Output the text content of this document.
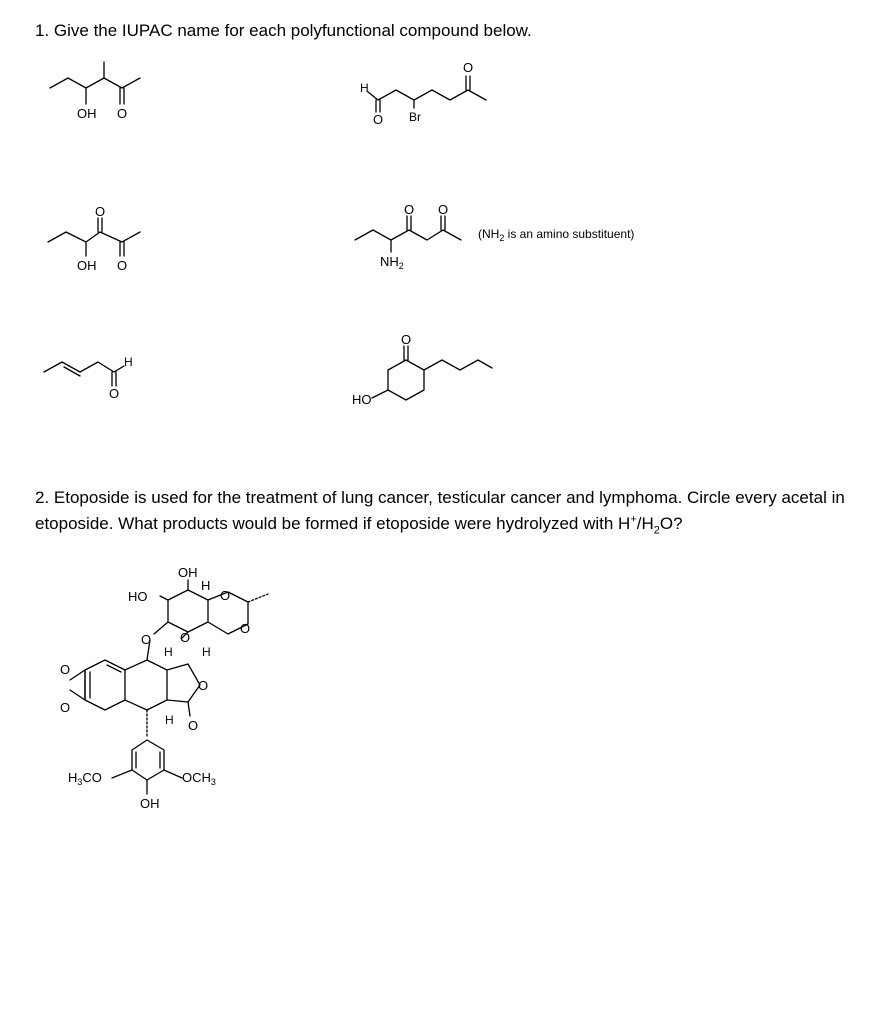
1. Give the IUPAC name for each polyfunctional compound below.
2. Etoposide is used for the treatment of lung cancer, testicular cancer and lymphoma. Circle every acetal in etoposide. What products would be formed if etoposide were hydrolyzed with $H^+/H_2O$?
OH O
H
O Br
O
O
OH O
O O
$NH_2$
($NH_2$ is an amino substituent)
H
O
O
HO
OH
H
HO	O
O
O O
H H
O
O
O
H O
$H_3CO$	$OCH_3$
OH
